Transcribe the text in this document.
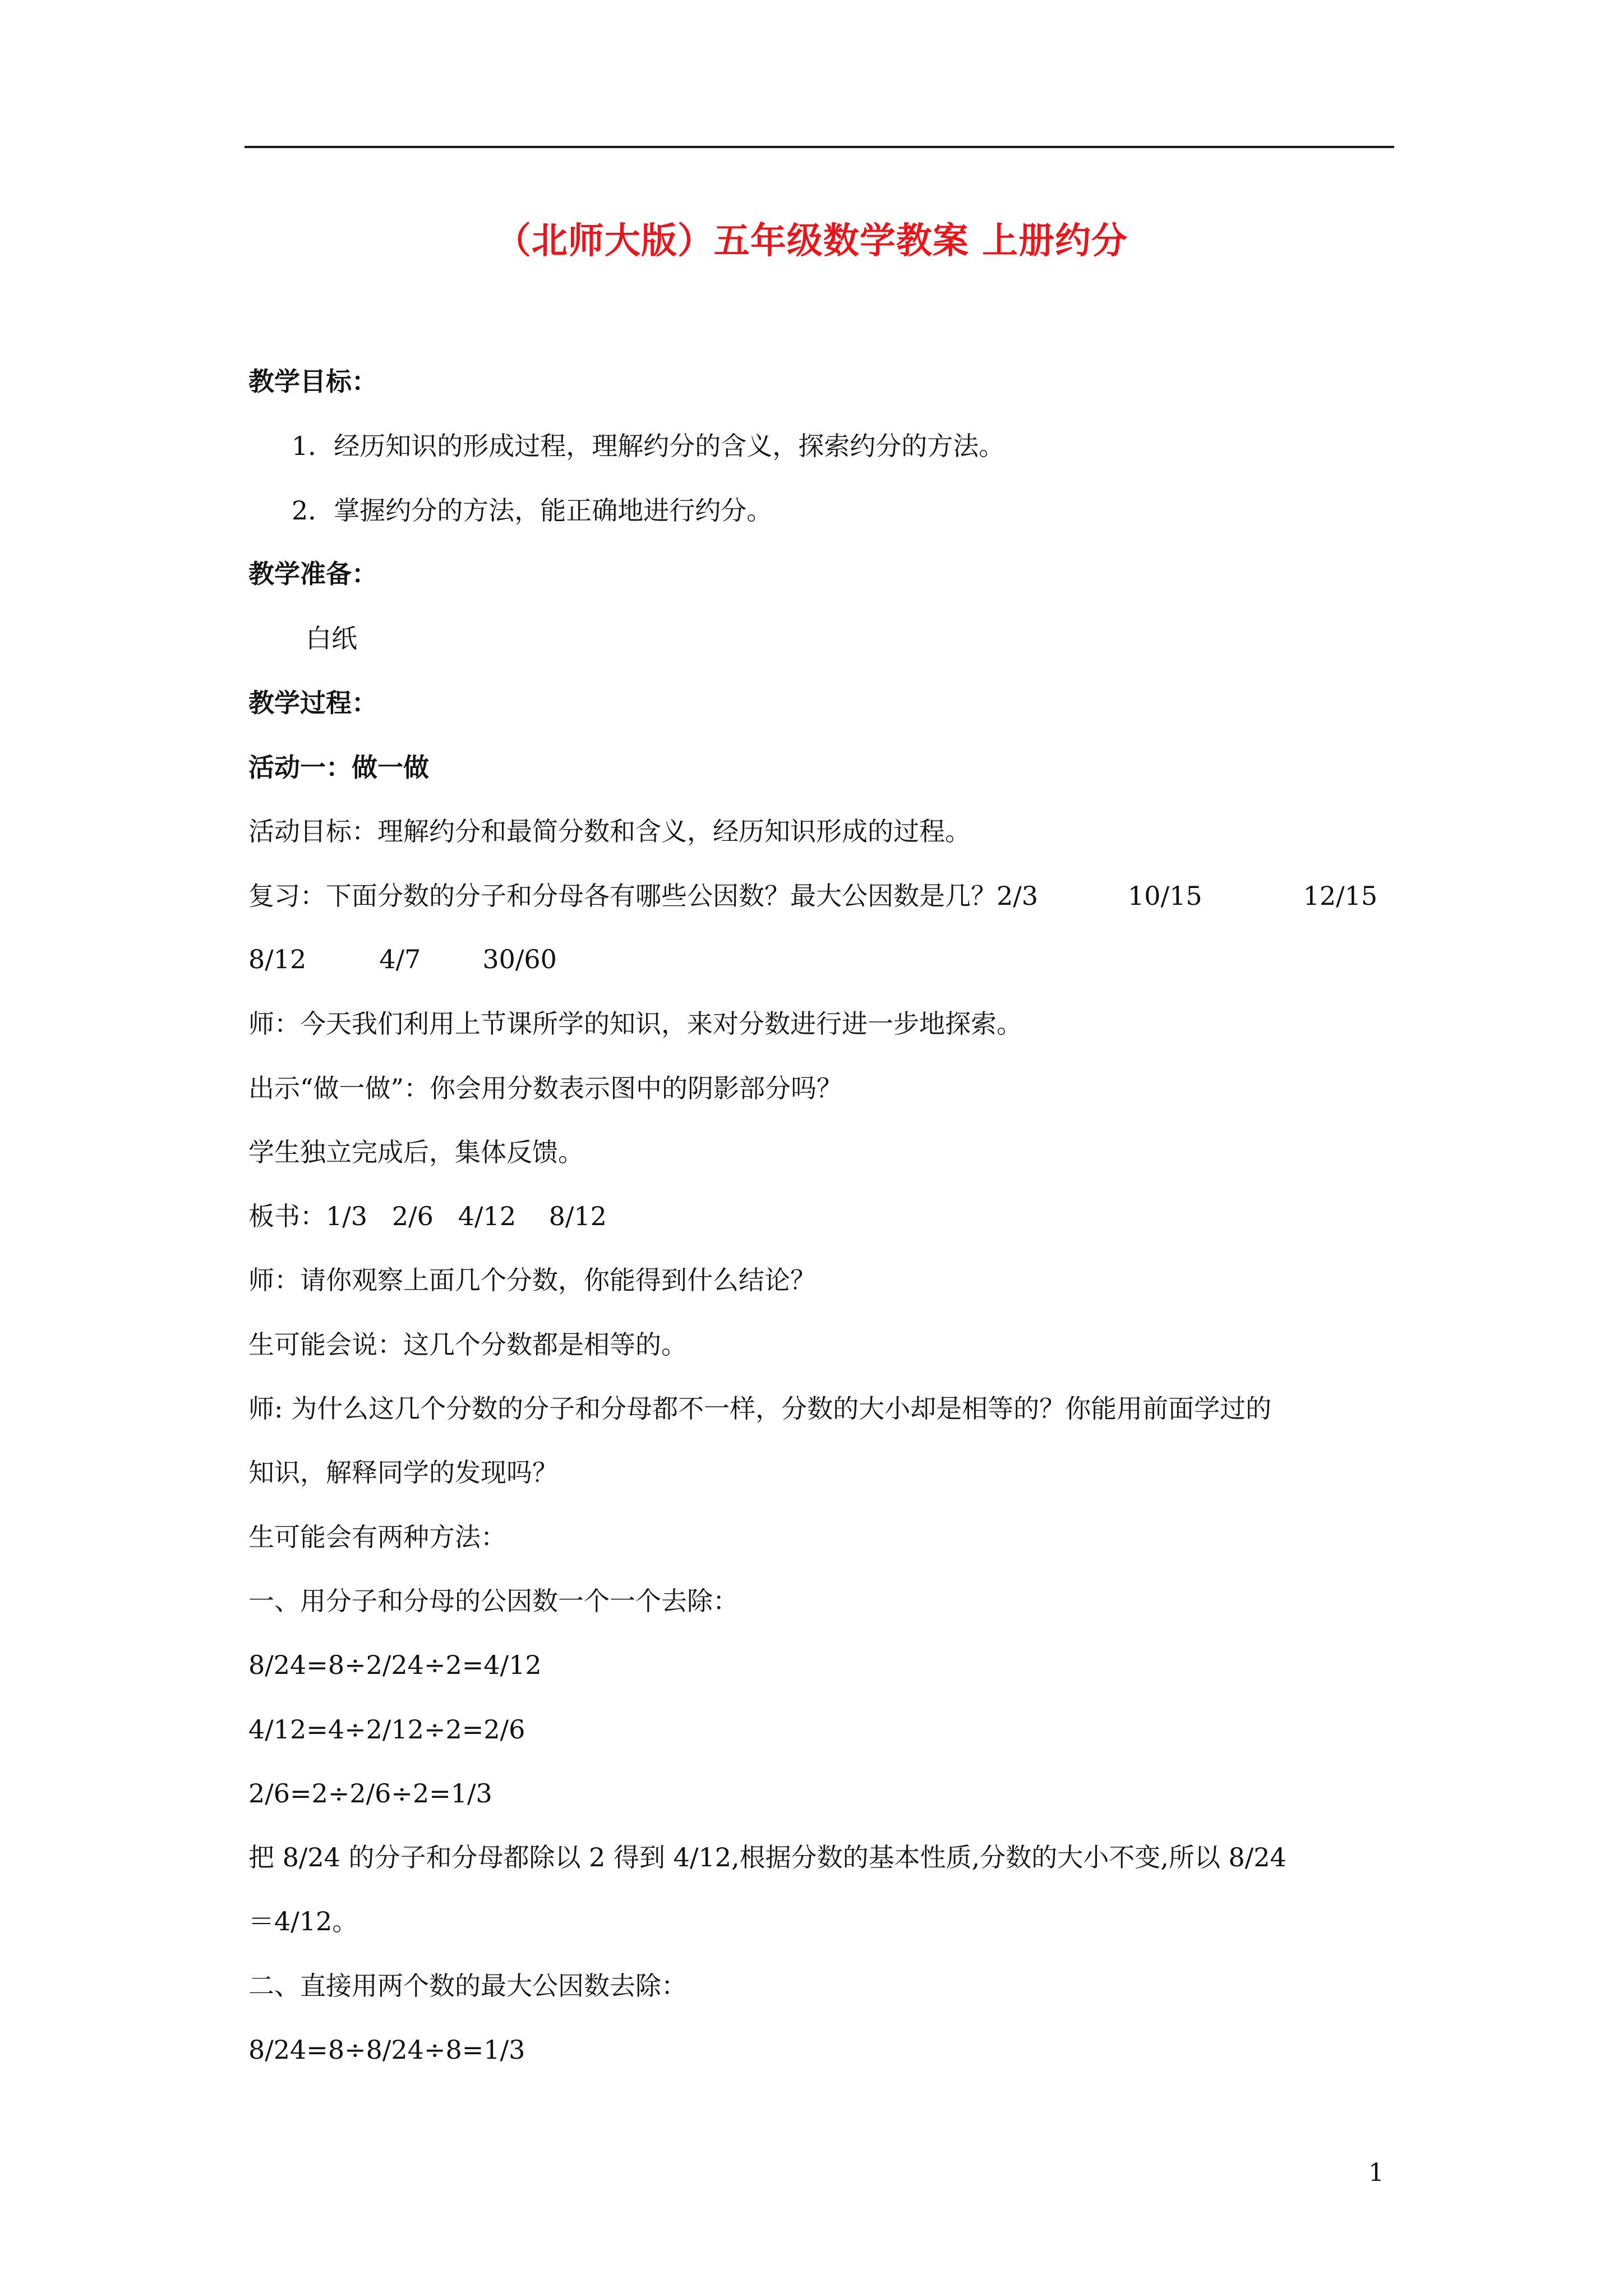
（北师大版）五年级数学教案 上册约分
教学目标：
1．经历知识的形成过程，理解约分的含义，探索约分的方法。
2．掌握约分的方法，能正确地进行约分。
教学准备：
白纸
教学过程：
活动一：做一做
活动目标：理解约分和最简分数和含义，经历知识形成的过程。
复习：下面分数的分子和分母各有哪些公因数？最大公因数是几？2/3	10/15	12/15
8/12	4/7 30/60
师：今天我们利用上节课所学的知识，来对分数进行进一步地探索。
出示“做一做”：你会用分数表示图中的阴影部分吗？
学生独立完成后，集体反馈。
板书：1/3   2/6   4/12    8/12
师：请你观察上面几个分数，你能得到什么结论？
生可能会说：这几个分数都是相等的。
师: 为什么这几个分数的分子和分母都不一样，分数的大小却是相等的？你能用前面学过的
知识，解释同学的发现吗？
生可能会有两种方法：
一、用分子和分母的公因数一个一个去除：
8/24=8÷2/24÷2=4/12
4/12=4÷2/12÷2=2/6
2/6=2÷2/6÷2=1/3
把 8/24 的分子和分母都除以 2 得到 4/12,根据分数的基本性质,分数的大小不变,所以 8/24
＝4/12。
二、直接用两个数的最大公因数去除：
8/24=8÷8/24÷8=1/3
1
